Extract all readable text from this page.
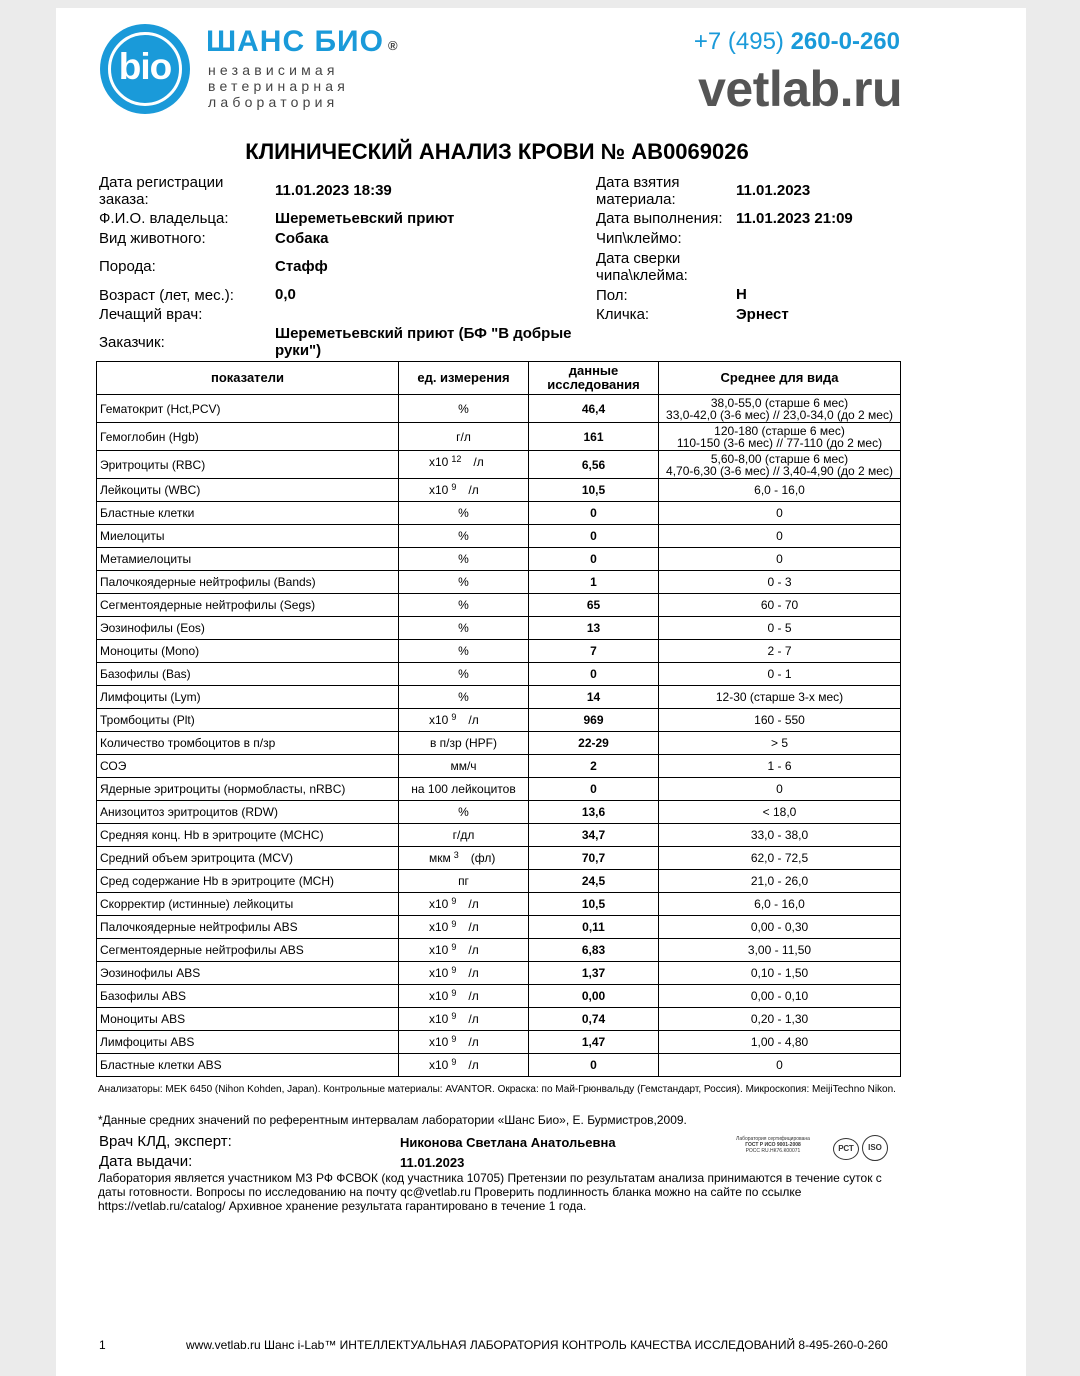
bio
ШАНС БИО ®
независимая
ветеринарная
лаборатория
+7 (495) 260-0-260
vetlab.ru
КЛИНИЧЕСКИЙ АНАЛИЗ КРОВИ № AB0069026
Дата регистрации заказа:
11.01.2023 18:39
Ф.И.О. владельца:	Шереметьевский приют
Вид животного:	Собака
Порода:	Стафф
Возраст (лет, мес.):	0,0
Лечащий врач:
Заказчик:
Шереметьевский приют (БФ "В добрые руки")
Дата взятия материала:
11.01.2023
Дата выполнения: 11.01.2023 21:09
Чип\клеймо:
Дата сверки чипа\клейма:
Пол:	Н
Кличка:	Эрнест
показатели	ед. измерения	данные исследования	Среднее для вида
Гематокрит (Hct,PCV)	%	46,4	38,0-55,0 (старше 6 мес)
33,0-42,0 (3-6 мес) // 23,0-34,0 (до 2 мес)

Гемоглобин (Hgb)	г/л	161	120-180 (старше 6 мес)
110-150 (3-6 мес) // 77-110 (до 2 мес)

Эритроциты (RBC)	x10 $^{12}$ /л	6,56	5,60-8,00 (старше 6 мес)
4,70-6,30 (3-6 мес) // 3,40-4,90 (до 2 мес)

Лейкоциты (WBC)	x10 $^9$ /л	10,5	6,0 - 16,0

Бластные клетки	%	0	0

Миелоциты	%	0	0

Метамиелоциты	%	0	0

Палочкоядерные нейтрофилы (Bands)	%	1	0 - 3

Сегментоядерные нейтрофилы (Segs)	%	65	60 - 70

Эозинофилы (Eos)	%	13	0 - 5

Моноциты (Mono)	%	7	2 - 7

Базофилы (Bas)	%	0	0 - 1

Лимфоциты (Lym)	%	14	12-30 (старше 3-х мес)

Тромбоциты (Plt)	x10 $^9$ /л	969	160 - 550

Количество тромбоцитов в п/зр	в п/зр (HPF)	22-29	> 5

СОЭ	мм/ч	2	1 - 6

Ядерные эритроциты (нормобласты, nRBC)	на 100 лейкоцитов	0	0

Анизоцитоз эритроцитов (RDW)	%	13,6	< 18,0

Средняя конц. Hb в эритроците (MCHC)	г/дл	34,7	33,0 - 38,0

Средний объем эритроцита (MCV)	мкм $^3$ (фл)	70,7	62,0 - 72,5

Сред содержание Hb в эритроците (MCH)	пг	24,5	21,0 - 26,0

Скорректир (истинные) лейкоциты	x10 $^9$ /л	10,5	6,0 - 16,0

Палочкоядерные нейтрофилы ABS	x10 $^9$ /л	0,11	0,00 - 0,30

Сегментоядерные нейтрофилы ABS	x10 $^9$ /л	6,83	3,00 - 11,50

Эозинофилы ABS	x10 $^9$ /л	1,37	0,10 - 1,50

Базофилы ABS	x10 $^9$ /л	0,00	0,00 - 0,10

Моноциты ABS	x10 $^9$ /л	0,74	0,20 - 1,30

Лимфоциты ABS	x10 $^9$ /л	1,47	1,00 - 4,80

Бластные клетки ABS	x10 $^9$ /л	0	0
Анализаторы: MEK 6450 (Nihon Kohden, Japan). Контрольные материалы: AVANTOR. Окраска: по Май-Грюнвальду (Гемстандарт, Россия). Микроскопия: MeijiTechno Nikon.
*Данные средних значений по референтным интервалам лаборатории «Шанс Био», Е. Бурмистров,2009.
Врач КЛД, эксперт:	Никонова Светлана Анатольевна
Дата выдачи:	11.01.2023
Лаборатория сертифицирована
ГОСТ Р ИСО 9001-2008
РОСС RU.НК76.К00071	РСТ	ISO
Лаборатория является участником МЗ РФ ФСВОК (код участника 10705) Претензии по результатам анализа принимаются в течение суток с даты готовности. Вопросы по исследованию на почту qc@vetlab.ru Проверить подлинность бланка можно на сайте по ссылке https://vetlab.ru/catalog/ Архивное хранение результата гарантировано в течение 1 года.
1	www.vetlab.ru Шанс i-Lab™ ИНТЕЛЛЕКТУАЛЬНАЯ ЛАБОРАТОРИЯ КОНТРОЛЬ КАЧЕСТВА ИССЛЕДОВАНИЙ 8-495-260-0-260
